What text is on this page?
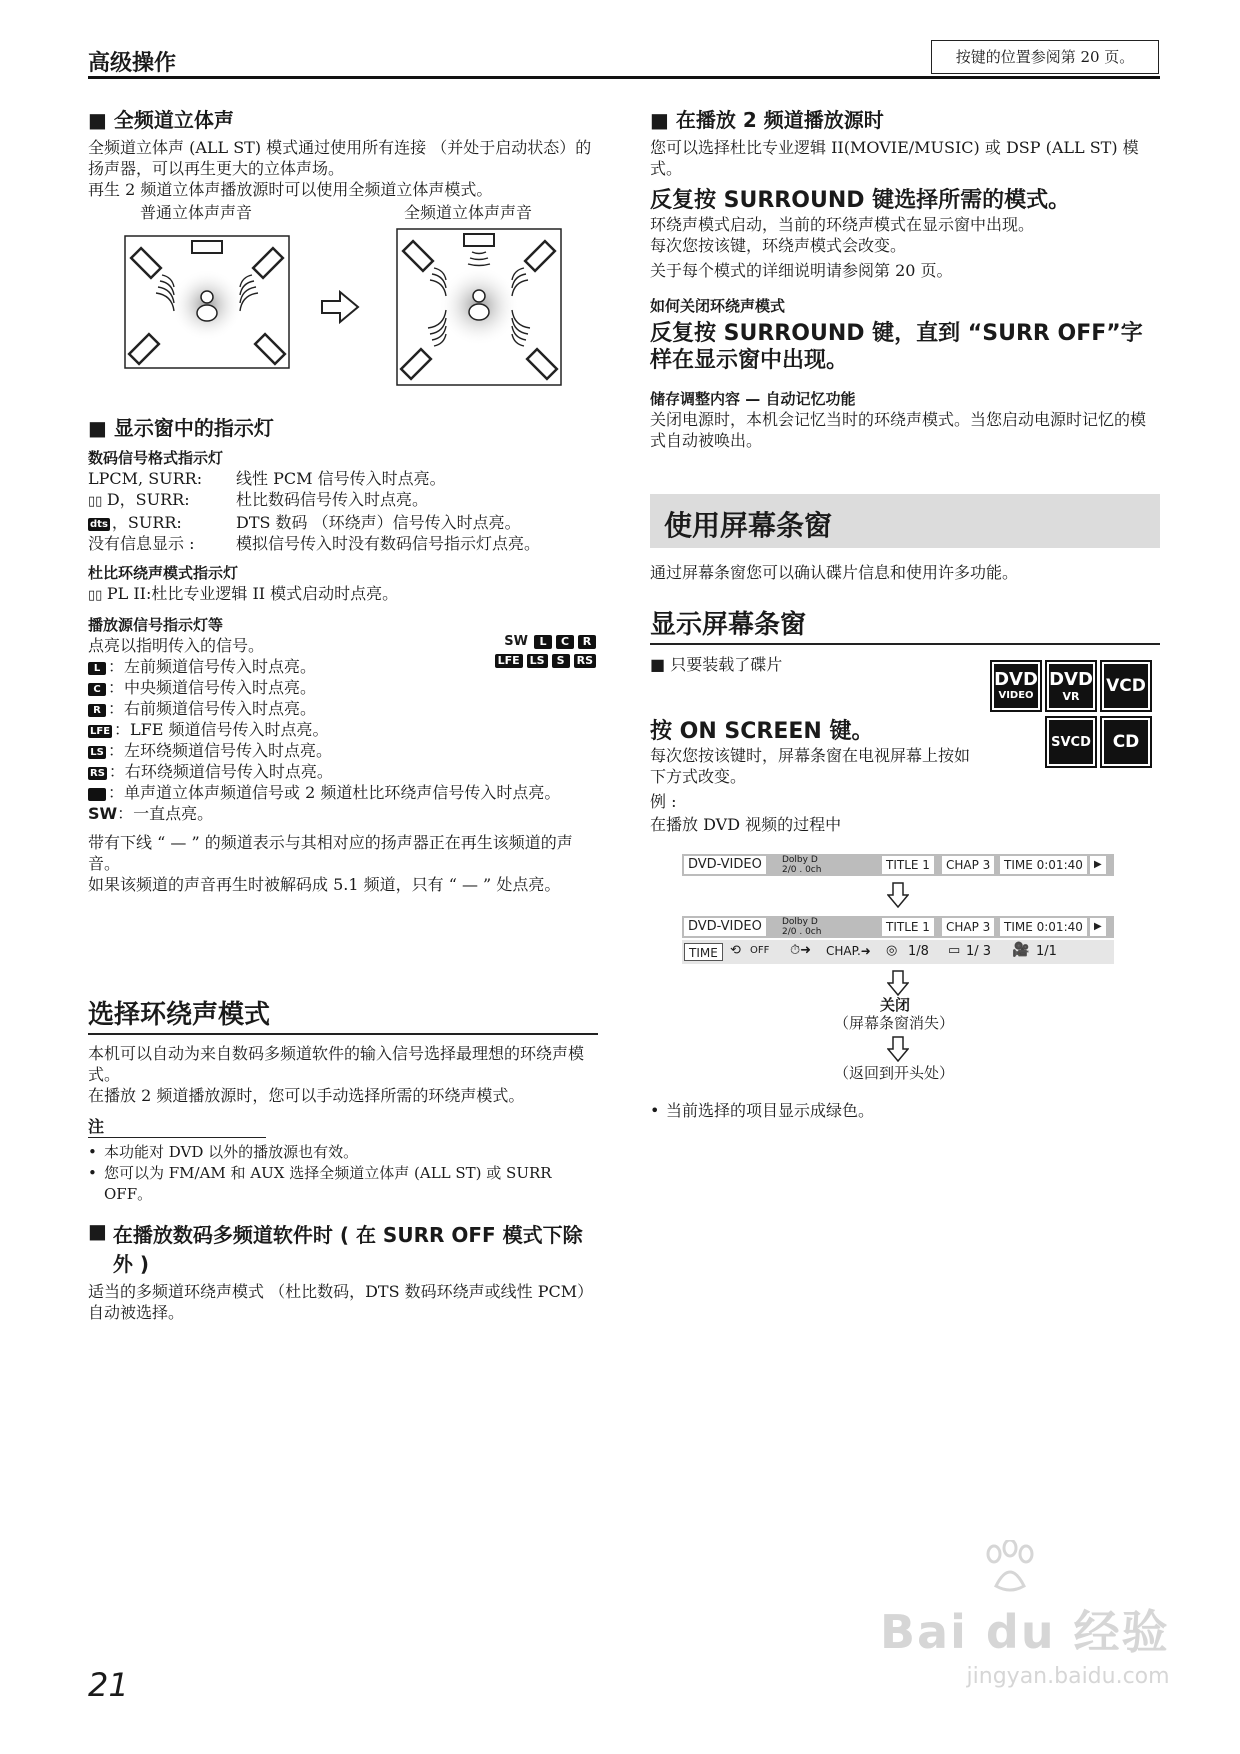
高级操作	按键的位置参阅第 20 页。
■ 全频道立体声
全频道立体声 (ALL ST) 模式通过使用所有连接 （并处于启动状态）的扬声器，可以再生更大的立体声场。
再生 2 频道立体声播放源时可以使用全频道立体声模式。
普通立体声声音	全频道立体声声音
■ 显示窗中的指示灯
数码信号格式指示灯
LPCM, SURR:	线性 PCM 信号传入时点亮。
▯▯ D，SURR:	杜比数码信号传入时点亮。
dts ，SURR:	DTS 数码 （环绕声）信号传入时点亮。
没有信息显示 :	模拟信号传入时没有数码信号指示灯点亮。
杜比环绕声模式指示灯
▯▯ PL II:杜比专业逻辑 II 模式启动时点亮。
播放源信号指示灯等
点亮以指明传入的信号。
L ：左前频道信号传入时点亮。
C ：中央频道信号传入时点亮。
R ：右前频道信号传入时点亮。
LFE ：LFE 频道信号传入时点亮。
LS ：左环绕频道信号传入时点亮。
RS ：右环绕频道信号传入时点亮。
S ：单声道立体声频道信号或 2 频道杜比环绕声信号传入时点亮。
SW：一直点亮。
带有下线 “ — ” 的频道表示与其相对应的扬声器正在再生该频道的声音。
如果该频道的声音再生时被解码成 5.1 频道，只有 “ — ” 处点亮。
SW	L	C	R
LFE LS	S	RS
选择环绕声模式
本机可以自动为来自数码多频道软件的输入信号选择最理想的环绕声模式。
在播放 2 频道播放源时，您可以手动选择所需的环绕声模式。
注
• 本功能对 DVD 以外的播放源也有效。
• 您可以为 FM/AM 和 AUX 选择全频道立体声 (ALL ST) 或 SURR OFF。
■ 在播放数码多频道软件时 ( 在 SURR OFF 模式下除外 )
适当的多频道环绕声模式 （杜比数码，DTS 数码环绕声或线性 PCM）自动被选择。
■ 在播放 2 频道播放源时
您可以选择杜比专业逻辑 II(MOVIE/MUSIC) 或 DSP (ALL ST) 模式。
反复按 SURROUND 键选择所需的模式。
环绕声模式启动，当前的环绕声模式在显示窗中出现。
每次您按该键，环绕声模式会改变。
关于每个模式的详细说明请参阅第 20 页。
如何关闭环绕声模式
反复按 SURROUND 键，直到 “SURR OFF”字样在显示窗中出现。
储存调整内容 — 自动记忆功能
关闭电源时，本机会记忆当时的环绕声模式。当您启动电源时记忆的模式自动被唤出。
使用屏幕条窗
通过屏幕条窗您可以确认碟片信息和使用许多功能。
显示屏幕条窗
■ 只要装载了碟片
DVD
VIDEO
DVD
VR
VCD
SVCD	CD
按 ON SCREEN 键。
每次您按该键时，屏幕条窗在电视屏幕上按如下方式改变。
例 :
在播放 DVD 视频的过程中
DVD-VIDEO	Dolby D
2/0 . 0ch	TITLE 1	CHAP 3	TIME 0:01:40	▶
DVD-VIDEO	Dolby D
2/0 . 0ch	TITLE 1	CHAP 3	TIME 0:01:40	▶
TIME ⟲ OFF ⏱➜ CHAP.➜ ◎ 1/8 ▭ 1/ 3 🎥 1/1
关闭
（屏幕条窗消失）
（返回到开头处）
• 当前选择的项目显示成绿色。
21
Bai du 经验
jingyan.baidu.com
